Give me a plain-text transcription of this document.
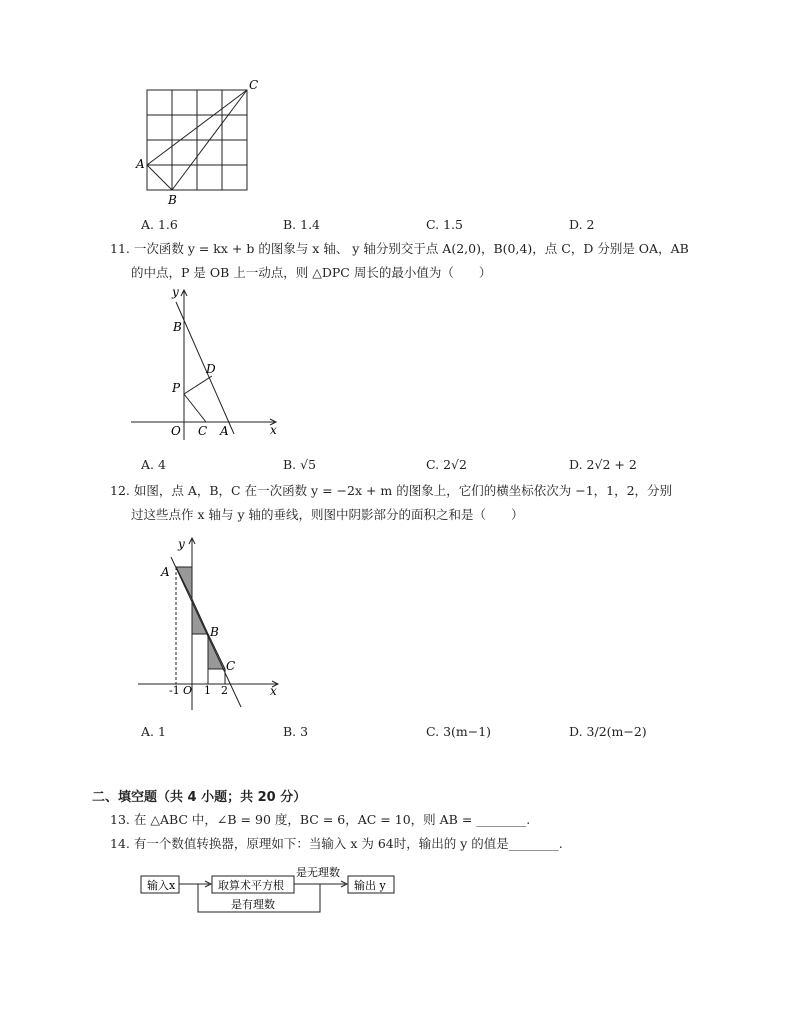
A
B
C
A. 1.6	B. 1.4	C. 1.5	D. 2
11. 一次函数 y = kx + b 的图象与 x 轴、 y 轴分别交于点 A(2,0)，B(0,4)，点 C，D 分别是 OA，AB
的中点，P 是 OB 上一动点，则 △DPC 周长的最小值为（　　）
y
x
B
D
P
O C A
A. 4	B. √5	C. 2√2	D. 2√2 + 2
12. 如图，点 A，B，C 在一次函数 y = −2x + m 的图象上，它们的横坐标依次为 −1，1，2，分别
过这些点作 x 轴与 y 轴的垂线，则图中阴影部分的面积之和是（　　）
y
x
A
B
C
-1 O 1 2
A. 1	B. 3	C. 3(m−1)	D. 3/2(m−2)
二、填空题（共 4 小题；共 20 分）
13. 在 △ABC 中，∠B = 90 度，BC = 6，AC = 10，则 AB = ________.
14. 有一个数值转换器，原理如下：当输入 x 为 64时，输出的 y 的值是________.
输入x	取算术平方根	输出 y
是无理数
是有理数
